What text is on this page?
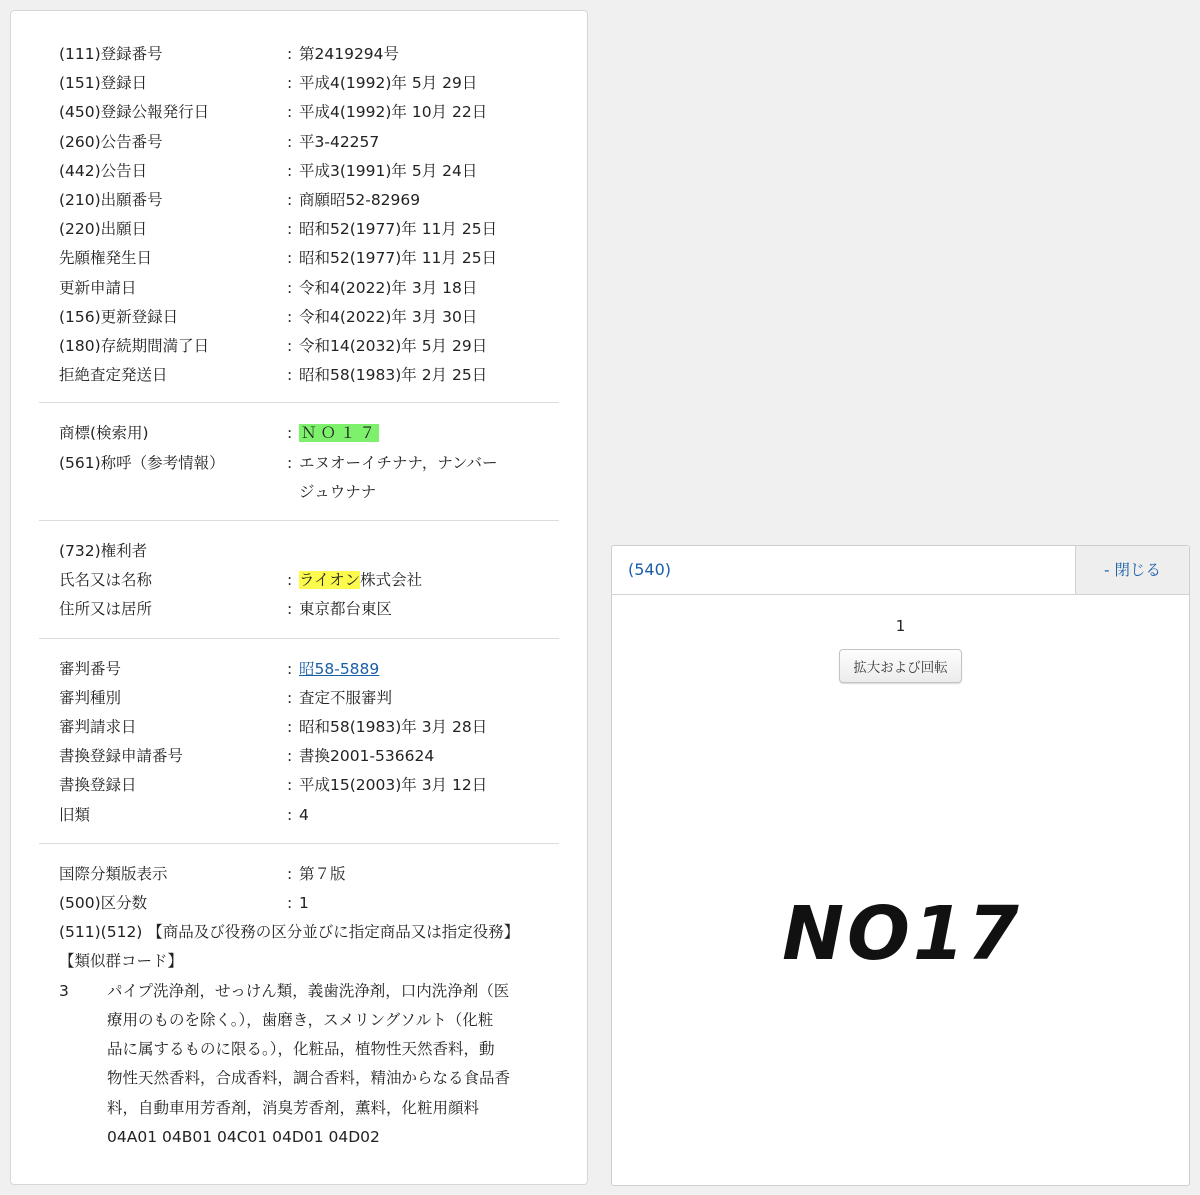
(111)登録番号	: 第2419294号
(151)登録日	: 平成4(1992)年 5月 29日
(450)登録公報発行日	: 平成4(1992)年 10月 22日
(260)公告番号	: 平3-42257
(442)公告日	: 平成3(1991)年 5月 24日
(210)出願番号	: 商願昭52-82969
(220)出願日	: 昭和52(1977)年 11月 25日
先願権発生日	: 昭和52(1977)年 11月 25日
更新申請日	: 令和4(2022)年 3月 18日
(156)更新登録日	: 令和4(2022)年 3月 30日
(180)存続期間満了日	: 令和14(2032)年 5月 29日
拒絶査定発送日	: 昭和58(1983)年 2月 25日
商標(検索用)	: ＮＯ１７
(561)称呼（参考情報）	: エヌオーイチナナ，ナンバー
ジュウナナ
(732)権利者
氏名又は名称	: ライオン株式会社
住所又は居所	: 東京都台東区
審判番号	: 昭58-5889
審判種別	: 査定不服審判
審判請求日	: 昭和58(1983)年 3月 28日
書換登録申請番号	: 書換2001-536624
書換登録日	: 平成15(2003)年 3月 12日
旧類	: 4
国際分類版表示	: 第７版
(500)区分数	: 1
(511)(512) 【商品及び役務の区分並びに指定商品又は指定役務】
【類似群コード】
3	パイプ洗浄剤，せっけん類，義歯洗浄剤，口内洗浄剤（医
療用のものを除く。），歯磨き，スメリングソルト（化粧
品に属するものに限る。），化粧品，植物性天然香料，動
物性天然香料，合成香料，調合香料，精油からなる食品香
料，自動車用芳香剤，消臭芳香剤，薫料，化粧用顔料
04A01 04B01 04C01 04D01 04D02
(540)	- 閉じる
1
拡大および回転
NO17
